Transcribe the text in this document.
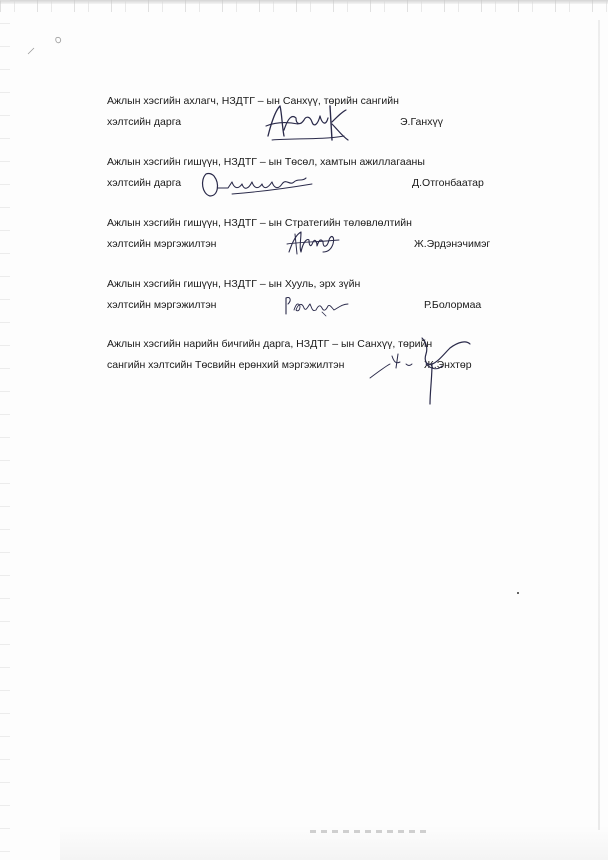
Ажлын хэсгийн ахлагч, НЗДТГ – ын Санхүү, төрийн сангийн
хэлтсийн дарга	Э.Ганхүү
Ажлын хэсгийн гишүүн, НЗДТГ – ын Төсөл, хамтын ажиллагааны
хэлтсийн дарга	Д.Отгонбаатар
Ажлын хэсгийн гишүүн, НЗДТГ – ын Стратегийн төлөвлөлтийн
хэлтсийн мэргэжилтэн	Ж.Эрдэнэчимэг
Ажлын хэсгийн гишүүн, НЗДТГ – ын Хууль, эрх зүйн
хэлтсийн мэргэжилтэн	Р.Болормаа
Ажлын хэсгийн нарийн бичгийн дарга, НЗДТГ – ын Санхүү, төрийн
сангийн хэлтсийн Төсвийн ерөнхий мэргэжилтэн	Ж.Энхтөр
